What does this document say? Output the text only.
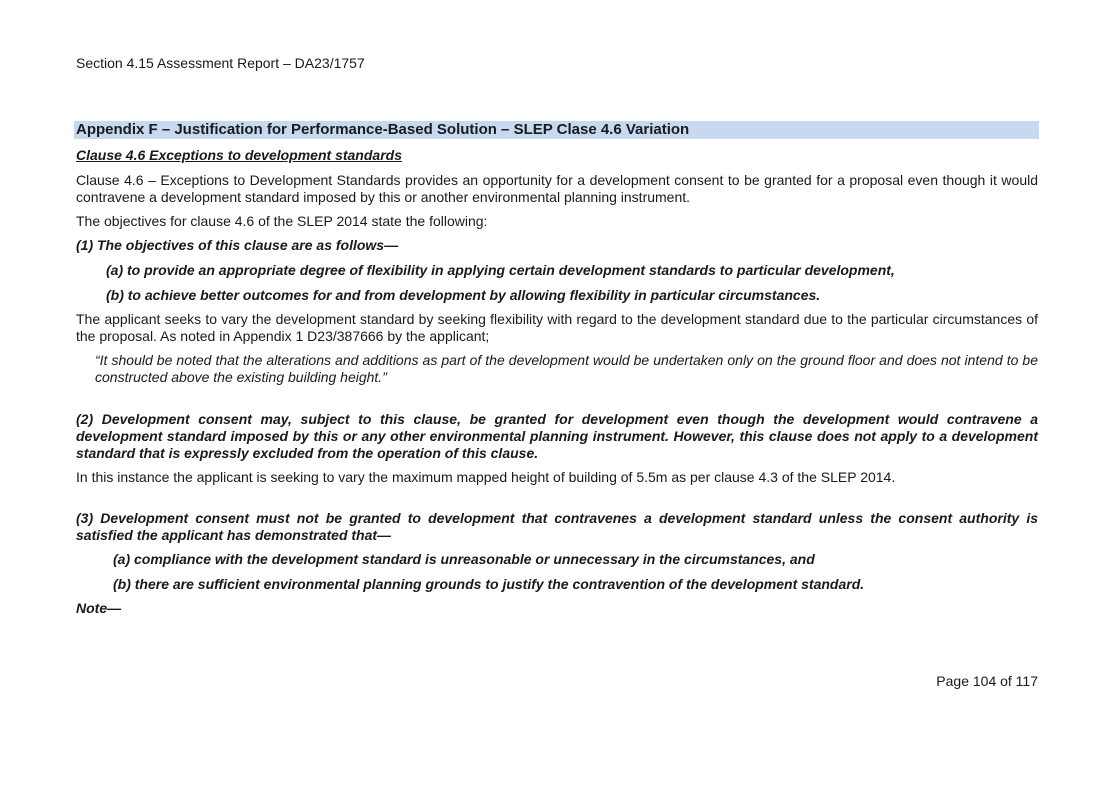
Section 4.15 Assessment Report – DA23/1757
Appendix F – Justification for Performance-Based Solution – SLEP Clase 4.6 Variation
Clause 4.6 Exceptions to development standards
Clause 4.6 – Exceptions to Development Standards provides an opportunity for a development consent to be granted for a proposal even though it would contravene a development standard imposed by this or another environmental planning instrument.
The objectives for clause 4.6 of the SLEP 2014 state the following:
(1) The objectives of this clause are as follows—
(a) to provide an appropriate degree of flexibility in applying certain development standards to particular development,
(b) to achieve better outcomes for and from development by allowing flexibility in particular circumstances.
The applicant seeks to vary the development standard by seeking flexibility with regard to the development standard due to the particular circumstances of the proposal. As noted in Appendix 1 D23/387666 by the applicant;
“It should be noted that the alterations and additions as part of the development would be undertaken only on the ground floor and does not intend to be constructed above the existing building height.”
(2) Development consent may, subject to this clause, be granted for development even though the development would contravene a development standard imposed by this or any other environmental planning instrument. However, this clause does not apply to a development standard that is expressly excluded from the operation of this clause.
In this instance the applicant is seeking to vary the maximum mapped height of building of 5.5m as per clause 4.3 of the SLEP 2014.
(3) Development consent must not be granted to development that contravenes a development standard unless the consent authority is satisfied the applicant has demonstrated that—
(a) compliance with the development standard is unreasonable or unnecessary in the circumstances, and
(b) there are sufficient environmental planning grounds to justify the contravention of the development standard.
Note—
Page 104 of 117
